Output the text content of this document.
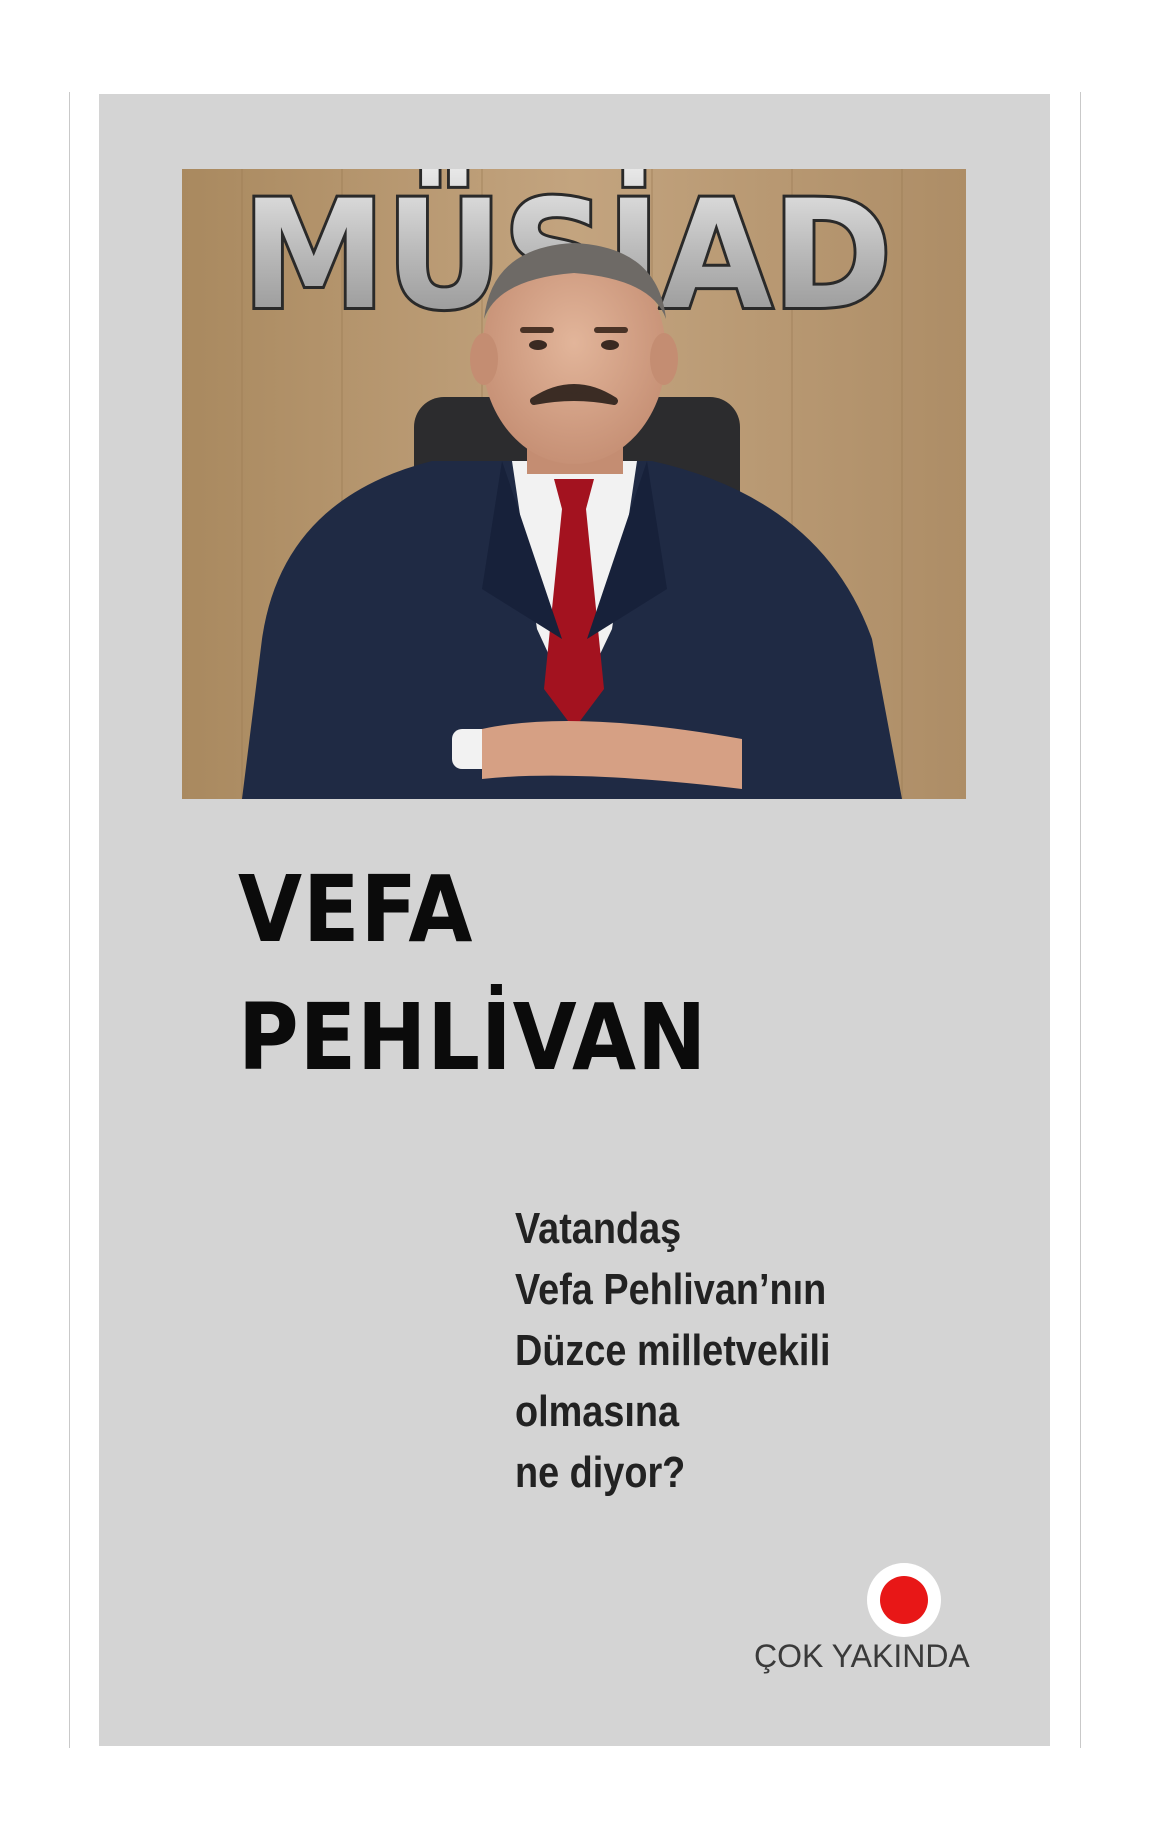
VEFA
PEHLİVAN
Vatandaş
Vefa Pehlivan’nın
Düzce milletvekili
olmasına
ne diyor?
ÇOK YAKINDA
